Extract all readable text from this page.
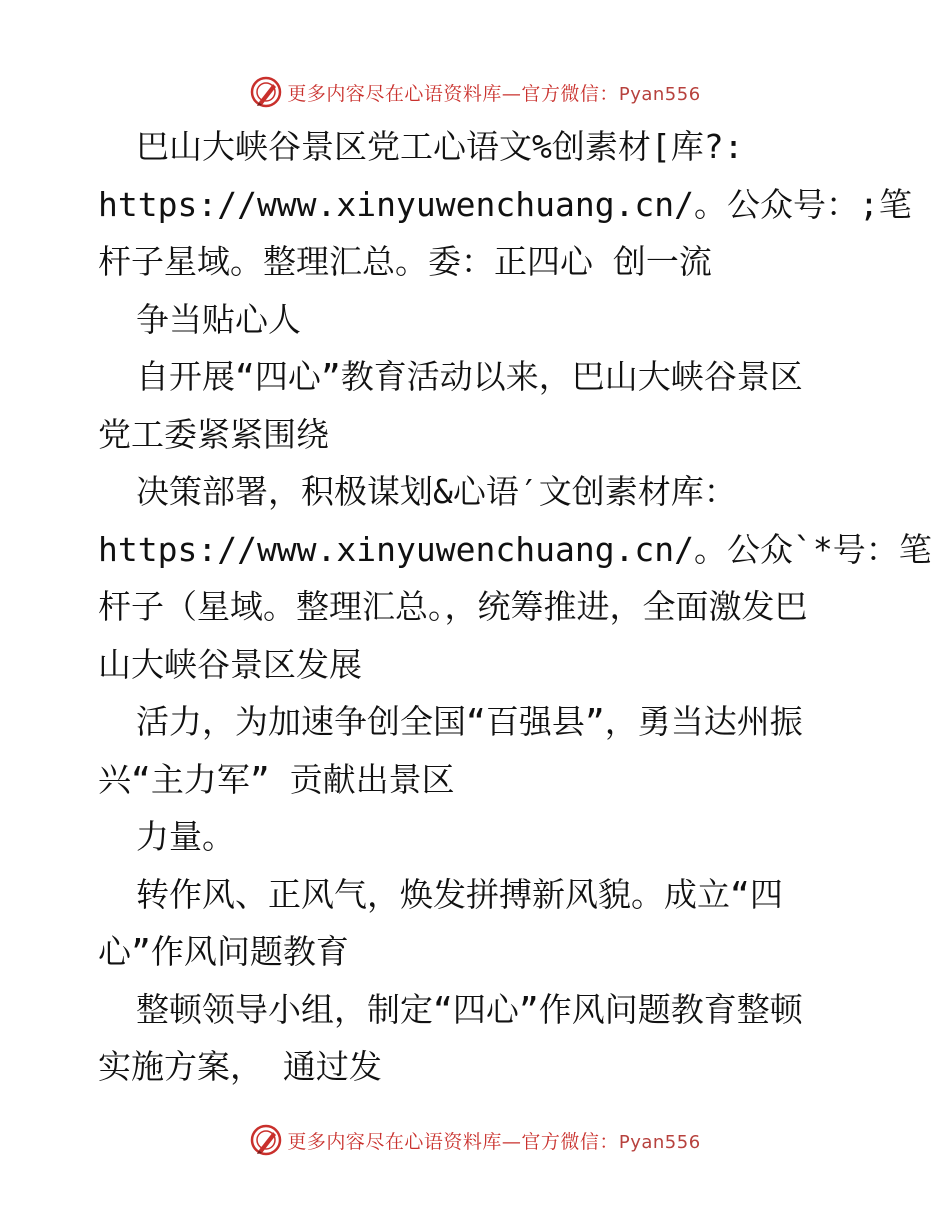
更多内容尽在心语资料库—官方微信：Pyan556
巴山大峡谷景区党工心语文%创素材[库?:
https://www.xinyuwenchuang.cn/。公众号：;笔
杆子星域。整理汇总。委：正四心 创一流
争当贴心人
自开展“四心”教育活动以来，巴山大峡谷景区
党工委紧紧围绕
决策部署，积极谋划&心语′文创素材库：
https://www.xinyuwenchuang.cn/。公众`*号：笔
杆子（星域。整理汇总。，统筹推进，全面激发巴
山大峡谷景区发展
活力，为加速争创全国“百强县”，勇当达州振
兴“主力军” 贡献出景区
力量。
转作风、正风气，焕发拼搏新风貌。成立“四
心”作风问题教育
整顿领导小组，制定“四心”作风问题教育整顿
实施方案， 通过发
更多内容尽在心语资料库—官方微信：Pyan556
